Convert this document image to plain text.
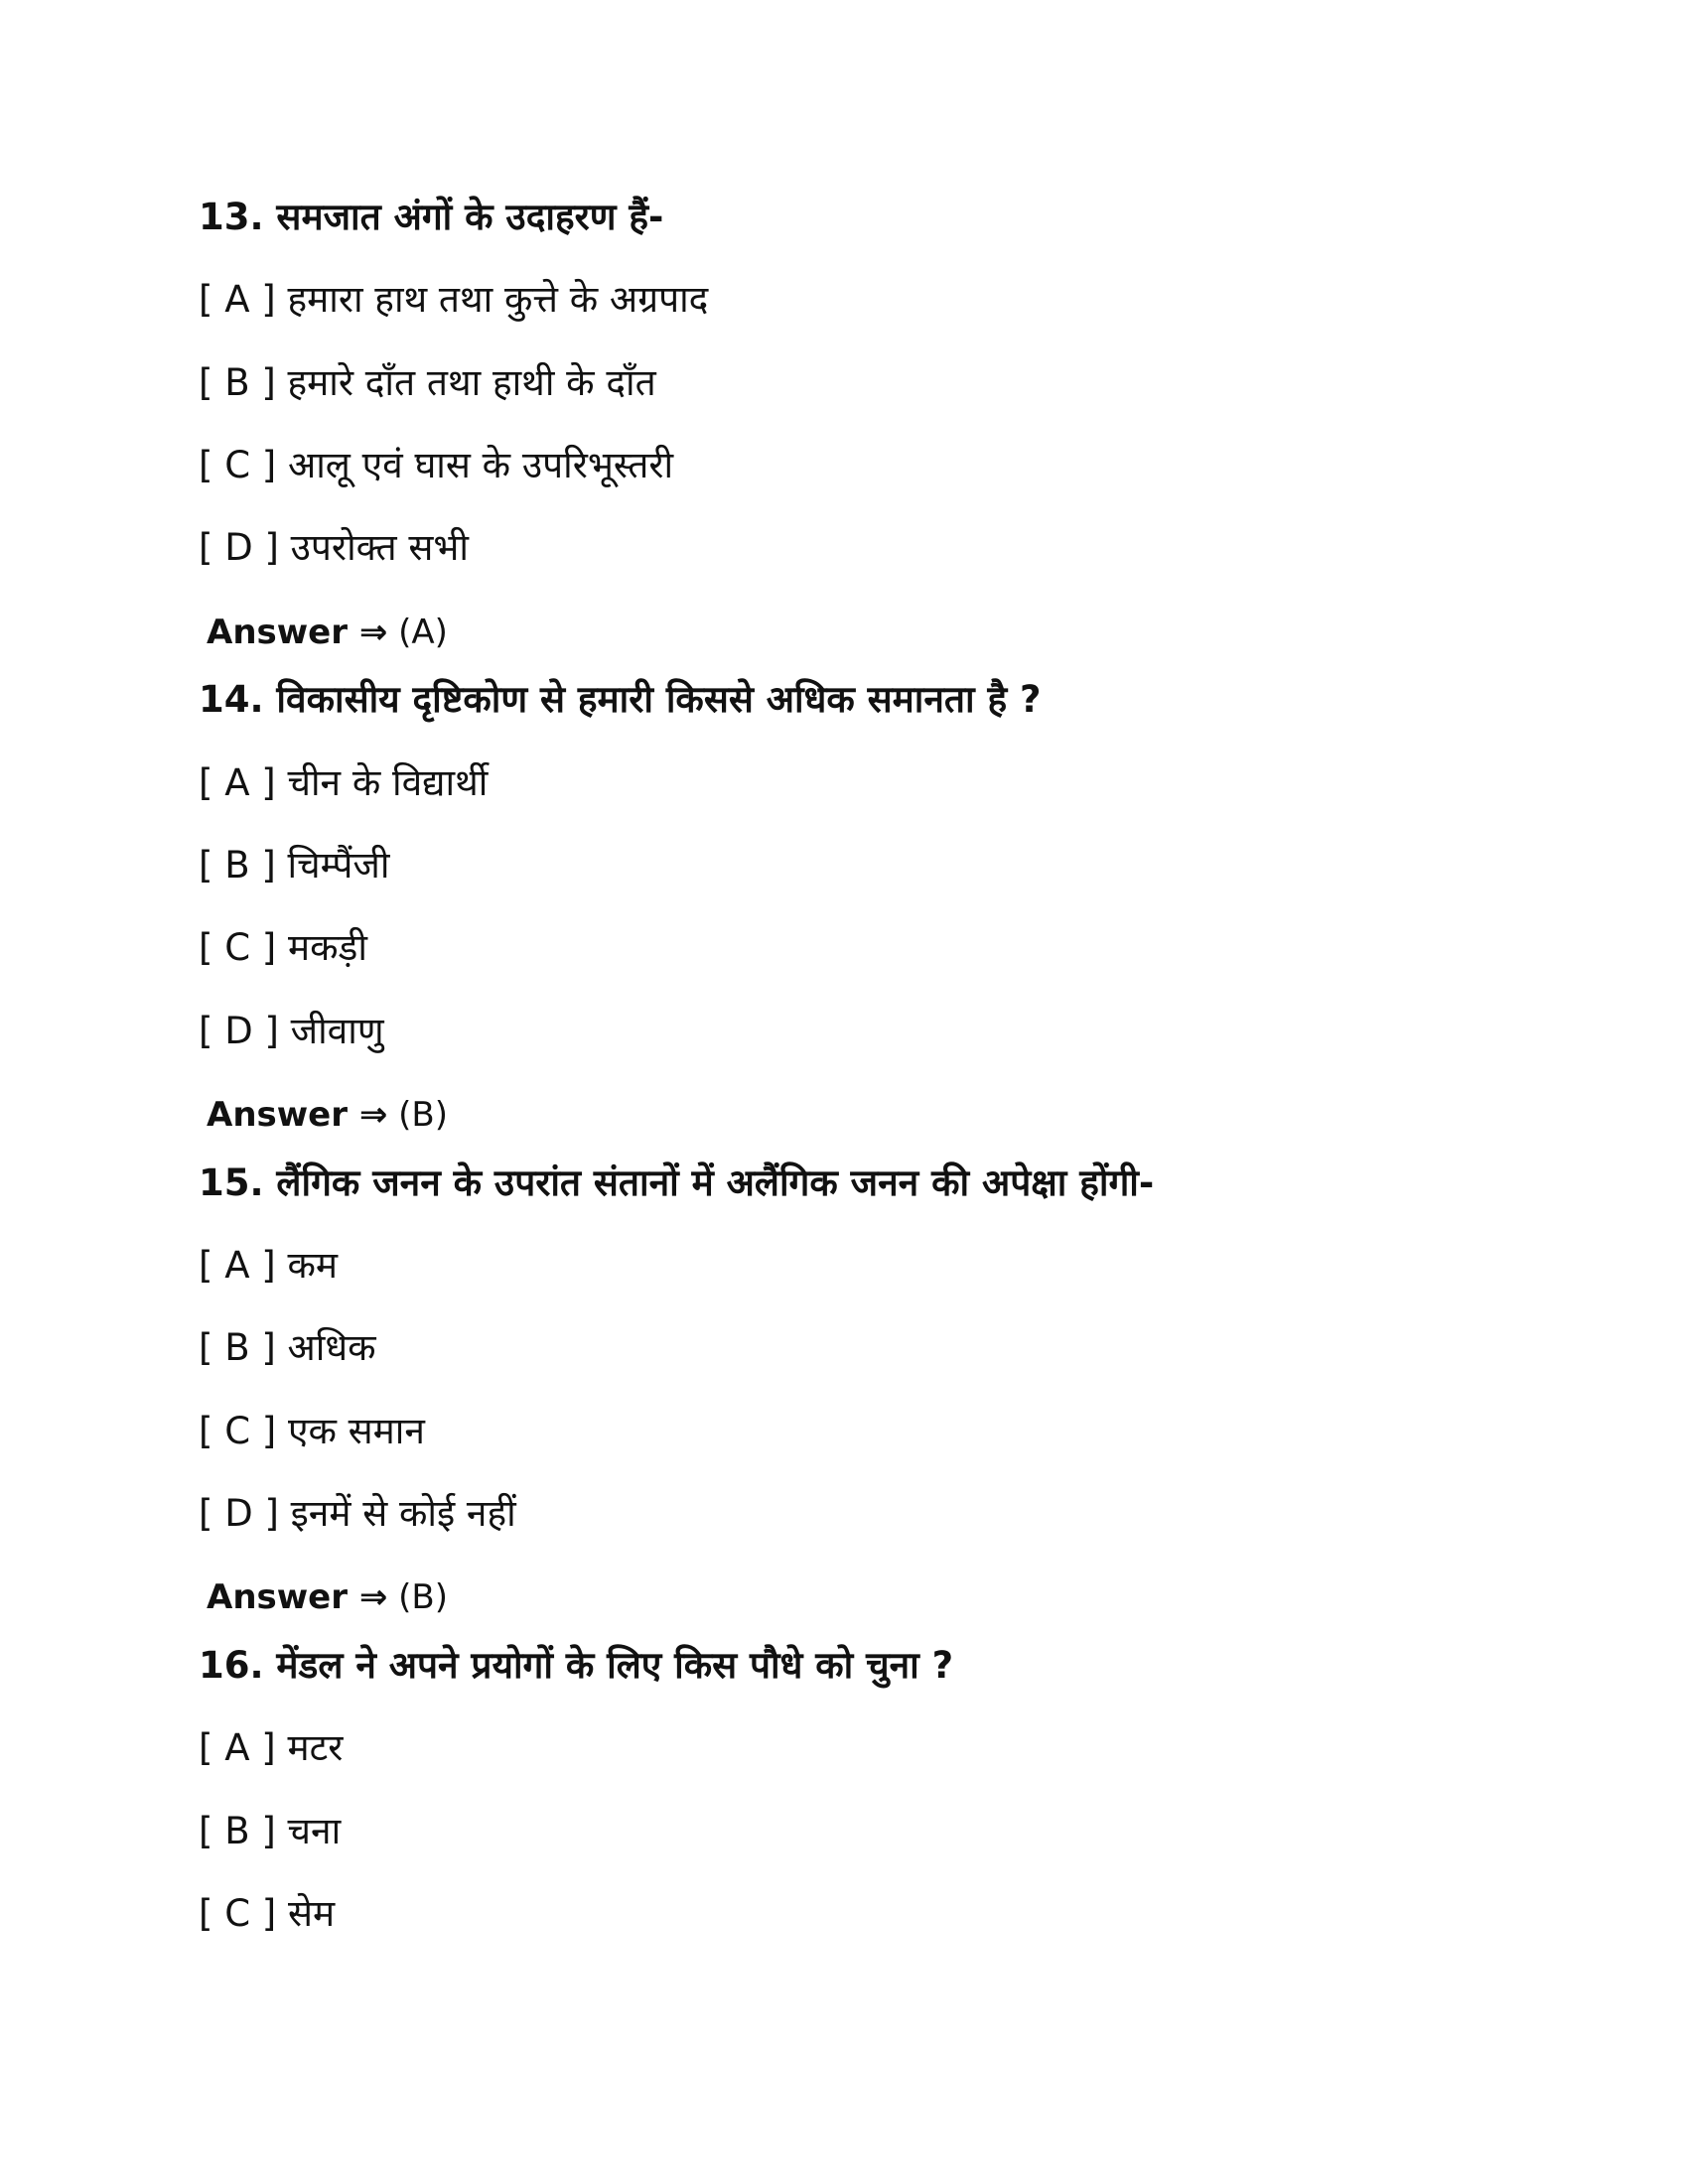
13. समजात अंगों के उदाहरण हैं-
[ A ] हमारा हाथ तथा कुत्ते के अग्रपाद
[ B ] हमारे दाँत तथा हाथी के दाँत
[ C ] आलू एवं घास के उपरिभूस्तरी
[ D ] उपरोक्त सभी
Answer ⇒ (A)
14. विकासीय दृष्टिकोण से हमारी किससे अधिक समानता है ?
[ A ] चीन के विद्यार्थी
[ B ] चिम्पैंजी
[ C ] मकड़ी
[ D ] जीवाणु
Answer ⇒ (B)
15. लैंगिक जनन के उपरांत संतानों में अलैंगिक जनन की अपेक्षा होंगी-
[ A ] कम
[ B ] अधिक
[ C ] एक समान
[ D ] इनमें से कोई नहीं
Answer ⇒ (B)
16. मेंडल ने अपने प्रयोगों के लिए किस पौधे को चुना ?
[ A ] मटर
[ B ] चना
[ C ] सेम
